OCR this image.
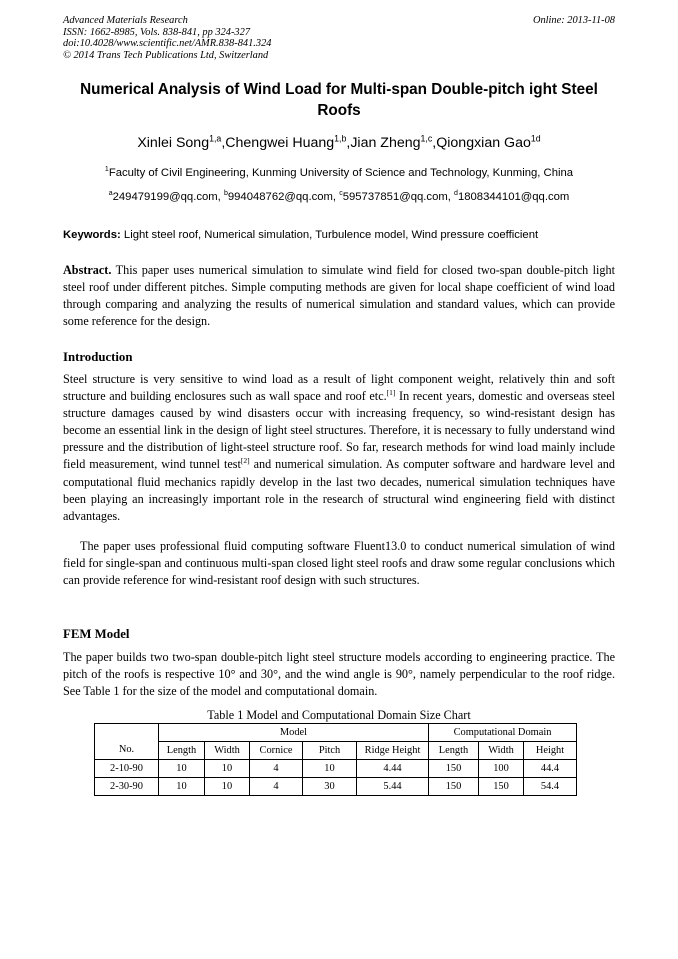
Advanced Materials Research
ISSN: 1662-8985, Vols. 838-841, pp 324-327
doi:10.4028/www.scientific.net/AMR.838-841.324
© 2014 Trans Tech Publications Ltd, Switzerland
Online: 2013-11-08
Numerical Analysis of Wind Load for Multi-span Double-pitch ight Steel Roofs
Xinlei Song$^{1,a}$,Chengwei Huang$^{1,b}$,Jian Zheng$^{1,c}$,Qiongxian Gao$^{1d}$
$^1$Faculty of Civil Engineering, Kunming University of Science and Technology, Kunming, China
$^a$249479199@qq.com, $^b$994048762@qq.com, $^c$595737851@qq.com, $^d$1808344101@qq.com
Keywords: Light steel roof, Numerical simulation, Turbulence model, Wind pressure coefficient
Abstract. This paper uses numerical simulation to simulate wind field for closed two-span double-pitch light steel roof under different pitches. Simple computing methods are given for local shape coefficient of wind load through comparing and analyzing the results of numerical simulation and standard values, which can provide some reference for the design.
Introduction
Steel structure is very sensitive to wind load as a result of light component weight, relatively thin and soft structure and building enclosures such as wall space and roof etc.[1] In recent years, domestic and overseas steel structure damages caused by wind disasters occur with increasing frequency, so wind-resistant design has become an essential link in the design of light steel structures. Therefore, it is necessary to fully understand wind pressure and the distribution of light-steel structure roof. So far, research methods for wind load mainly include field measurement, wind tunnel test[2] and numerical simulation. As computer software and hardware level and computational fluid mechanics rapidly develop in the last two decades, numerical simulation techniques have been playing an increasingly important role in the research of structural wind engineering field with distinct advantages.
The paper uses professional fluid computing software Fluent13.0 to conduct numerical simulation of wind field for single-span and continuous multi-span closed light steel roofs and draw some regular conclusions which can provide reference for wind-resistant roof design with such structures.
FEM Model
The paper builds two two-span double-pitch light steel structure models according to engineering practice. The pitch of the roofs is respective 10° and 30°, and the wind angle is 90°, namely perpendicular to the roof ridge. See Table 1 for the size of the model and computational domain.
Table 1 Model and Computational Domain Size Chart
	Model					Computational Domain		
No.	Length	Width	Cornice	Pitch	Ridge Height	Length	Width	Height
2-10-90	10	10	4	10	4.44	150	100	44.4
2-30-90	10	10	4	30	5.44	150	150	54.4
